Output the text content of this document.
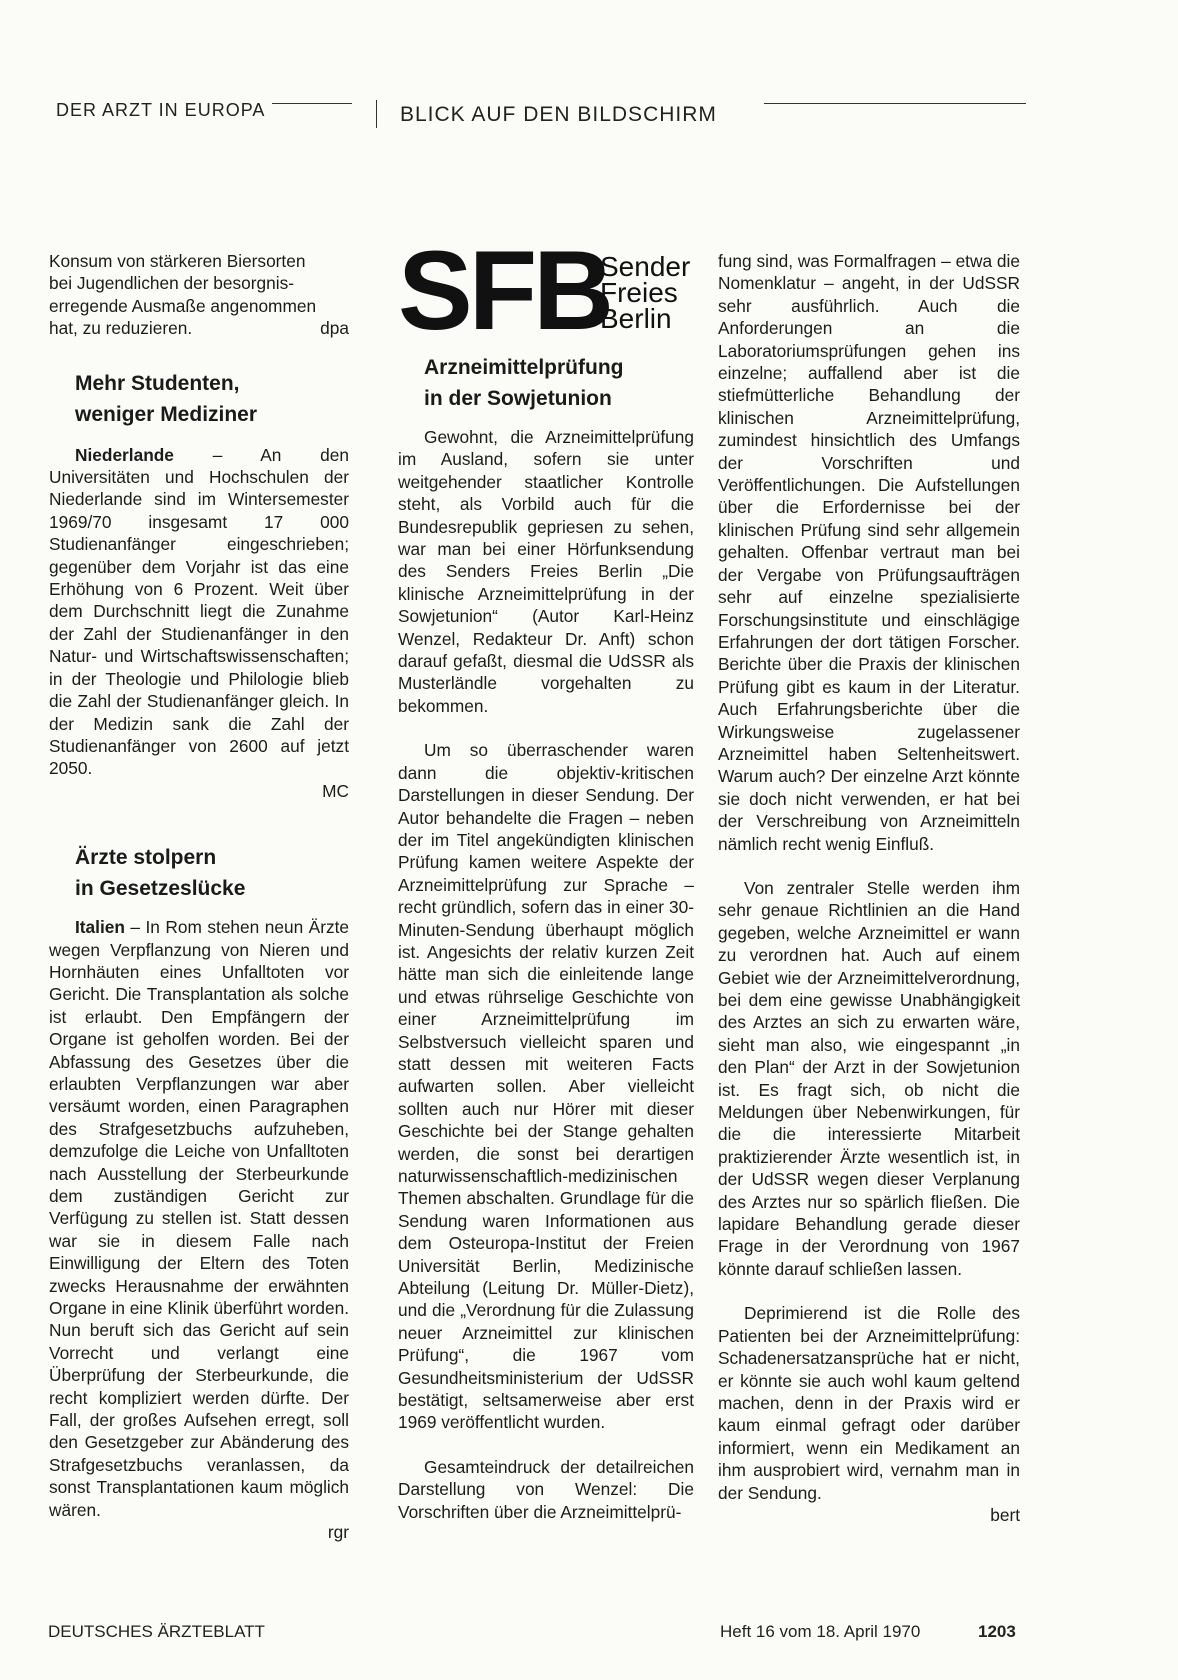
DER ARZT IN EUROPA	BLICK AUF DEN BILDSCHIRM
Konsum von stärkeren Biersorten
bei Jugendlichen der besorgnis-
erregende Ausmaße angenommen
hat, zu reduzieren.	dpa
Mehr Studenten,
weniger Mediziner

Niederlande – An den Universitäten und Hochschulen der Niederlande sind im Wintersemester 1969/70 insgesamt 17 000 Studienanfänger eingeschrieben; gegenüber dem Vorjahr ist das eine Erhöhung von 6 Prozent. Weit über dem Durchschnitt liegt die Zunahme der Zahl der Studienanfänger in den Natur- und Wirtschaftswissenschaften; in der Theologie und Philologie blieb die Zahl der Studienanfänger gleich. In der Medizin sank die Zahl der Studienanfänger von 2600 auf jetzt 2050.
MC

Ärzte stolpern
in Gesetzeslücke

Italien – In Rom stehen neun Ärzte wegen Verpflanzung von Nieren und Hornhäuten eines Unfalltoten vor Gericht. Die Transplantation als solche ist erlaubt. Den Empfängern der Organe ist geholfen worden. Bei der Abfassung des Gesetzes über die erlaubten Verpflanzungen war aber versäumt worden, einen Paragraphen des Strafgesetzbuchs aufzuheben, demzufolge die Leiche von Unfalltoten nach Ausstellung der Sterbeurkunde dem zuständigen Gericht zur Verfügung zu stellen ist. Statt dessen war sie in diesem Falle nach Einwilligung der Eltern des Toten zwecks Herausnahme der erwähnten Organe in eine Klinik überführt worden. Nun beruft sich das Gericht auf sein Vorrecht und verlangt eine Überprüfung der Sterbeurkunde, die recht kompliziert werden dürfte. Der Fall, der großes Aufsehen erregt, soll den Gesetzgeber zur Abänderung des Strafgesetzbuchs veranlassen, da sonst Transplantationen kaum möglich wären.
rgr

SFB
Sender
Freies
Berlin
Arzneimittelprüfung
in der Sowjetunion

Gewohnt, die Arzneimittelprüfung im Ausland, sofern sie unter weitgehender staatlicher Kontrolle steht, als Vorbild auch für die Bundesrepublik gepriesen zu sehen, war man bei einer Hörfunksendung des Senders Freies Berlin „Die klinische Arzneimittelprüfung in der Sowjetunion“ (Autor Karl-Heinz Wenzel, Redakteur Dr. Anft) schon darauf gefaßt, diesmal die UdSSR als Musterländle vorgehalten zu bekommen.

Um so überraschender waren dann die objektiv-kritischen Darstellungen in dieser Sendung. Der Autor behandelte die Fragen – neben der im Titel angekündigten klinischen Prüfung kamen weitere Aspekte der Arzneimittelprüfung zur Sprache – recht gründlich, sofern das in einer 30-Minuten-Sendung überhaupt möglich ist. Angesichts der relativ kurzen Zeit hätte man sich die einleitende lange und etwas rührselige Geschichte von einer Arzneimittelprüfung im Selbstversuch vielleicht sparen und statt dessen mit weiteren Facts aufwarten sollen. Aber vielleicht sollten auch nur Hörer mit dieser Geschichte bei der Stange gehalten werden, die sonst bei derartigen naturwissenschaftlich-medizinischen Themen abschalten. Grundlage für die Sendung waren Informationen aus dem Osteuropa-Institut der Freien Universität Berlin, Medizinische Abteilung (Leitung Dr. Müller-Dietz), und die „Verordnung für die Zulassung neuer Arzneimittel zur klinischen Prüfung“, die 1967 vom Gesundheitsministerium der UdSSR bestätigt, seltsamerweise aber erst 1969 veröffentlicht wurden.

Gesamteindruck der detailreichen Darstellung von Wenzel: Die Vorschriften über die Arzneimittelprü-

fung sind, was Formalfragen – etwa die Nomenklatur – angeht, in der UdSSR sehr ausführlich. Auch die Anforderungen an die Laboratoriumsprüfungen gehen ins einzelne; auffallend aber ist die stiefmütterliche Behandlung der klinischen Arzneimittelprüfung, zumindest hinsichtlich des Umfangs der Vorschriften und Veröffentlichungen. Die Aufstellungen über die Erfordernisse bei der klinischen Prüfung sind sehr allgemein gehalten. Offenbar vertraut man bei der Vergabe von Prüfungsaufträgen sehr auf einzelne spezialisierte Forschungsinstitute und einschlägige Erfahrungen der dort tätigen Forscher. Berichte über die Praxis der klinischen Prüfung gibt es kaum in der Literatur. Auch Erfahrungsberichte über die Wirkungsweise zugelassener Arzneimittel haben Seltenheitswert. Warum auch? Der einzelne Arzt könnte sie doch nicht verwenden, er hat bei der Verschreibung von Arzneimitteln nämlich recht wenig Einfluß.

Von zentraler Stelle werden ihm sehr genaue Richtlinien an die Hand gegeben, welche Arzneimittel er wann zu verordnen hat. Auch auf einem Gebiet wie der Arzneimittelverordnung, bei dem eine gewisse Unabhängigkeit des Arztes an sich zu erwarten wäre, sieht man also, wie eingespannt „in den Plan“ der Arzt in der Sowjetunion ist. Es fragt sich, ob nicht die Meldungen über Nebenwirkungen, für die die interessierte Mitarbeit praktizierender Ärzte wesentlich ist, in der UdSSR wegen dieser Verplanung des Arztes nur so spärlich fließen. Die lapidare Behandlung gerade dieser Frage in der Verordnung von 1967 könnte darauf schließen lassen.

Deprimierend ist die Rolle des Patienten bei der Arzneimittelprüfung: Schadenersatzansprüche hat er nicht, er könnte sie auch wohl kaum geltend machen, denn in der Praxis wird er kaum einmal gefragt oder darüber informiert, wenn ein Medikament an ihm ausprobiert wird, vernahm man in der Sendung.
bert

DEUTSCHES ÄRZTEBLATT	Heft 16 vom 18. April 1970	1203
